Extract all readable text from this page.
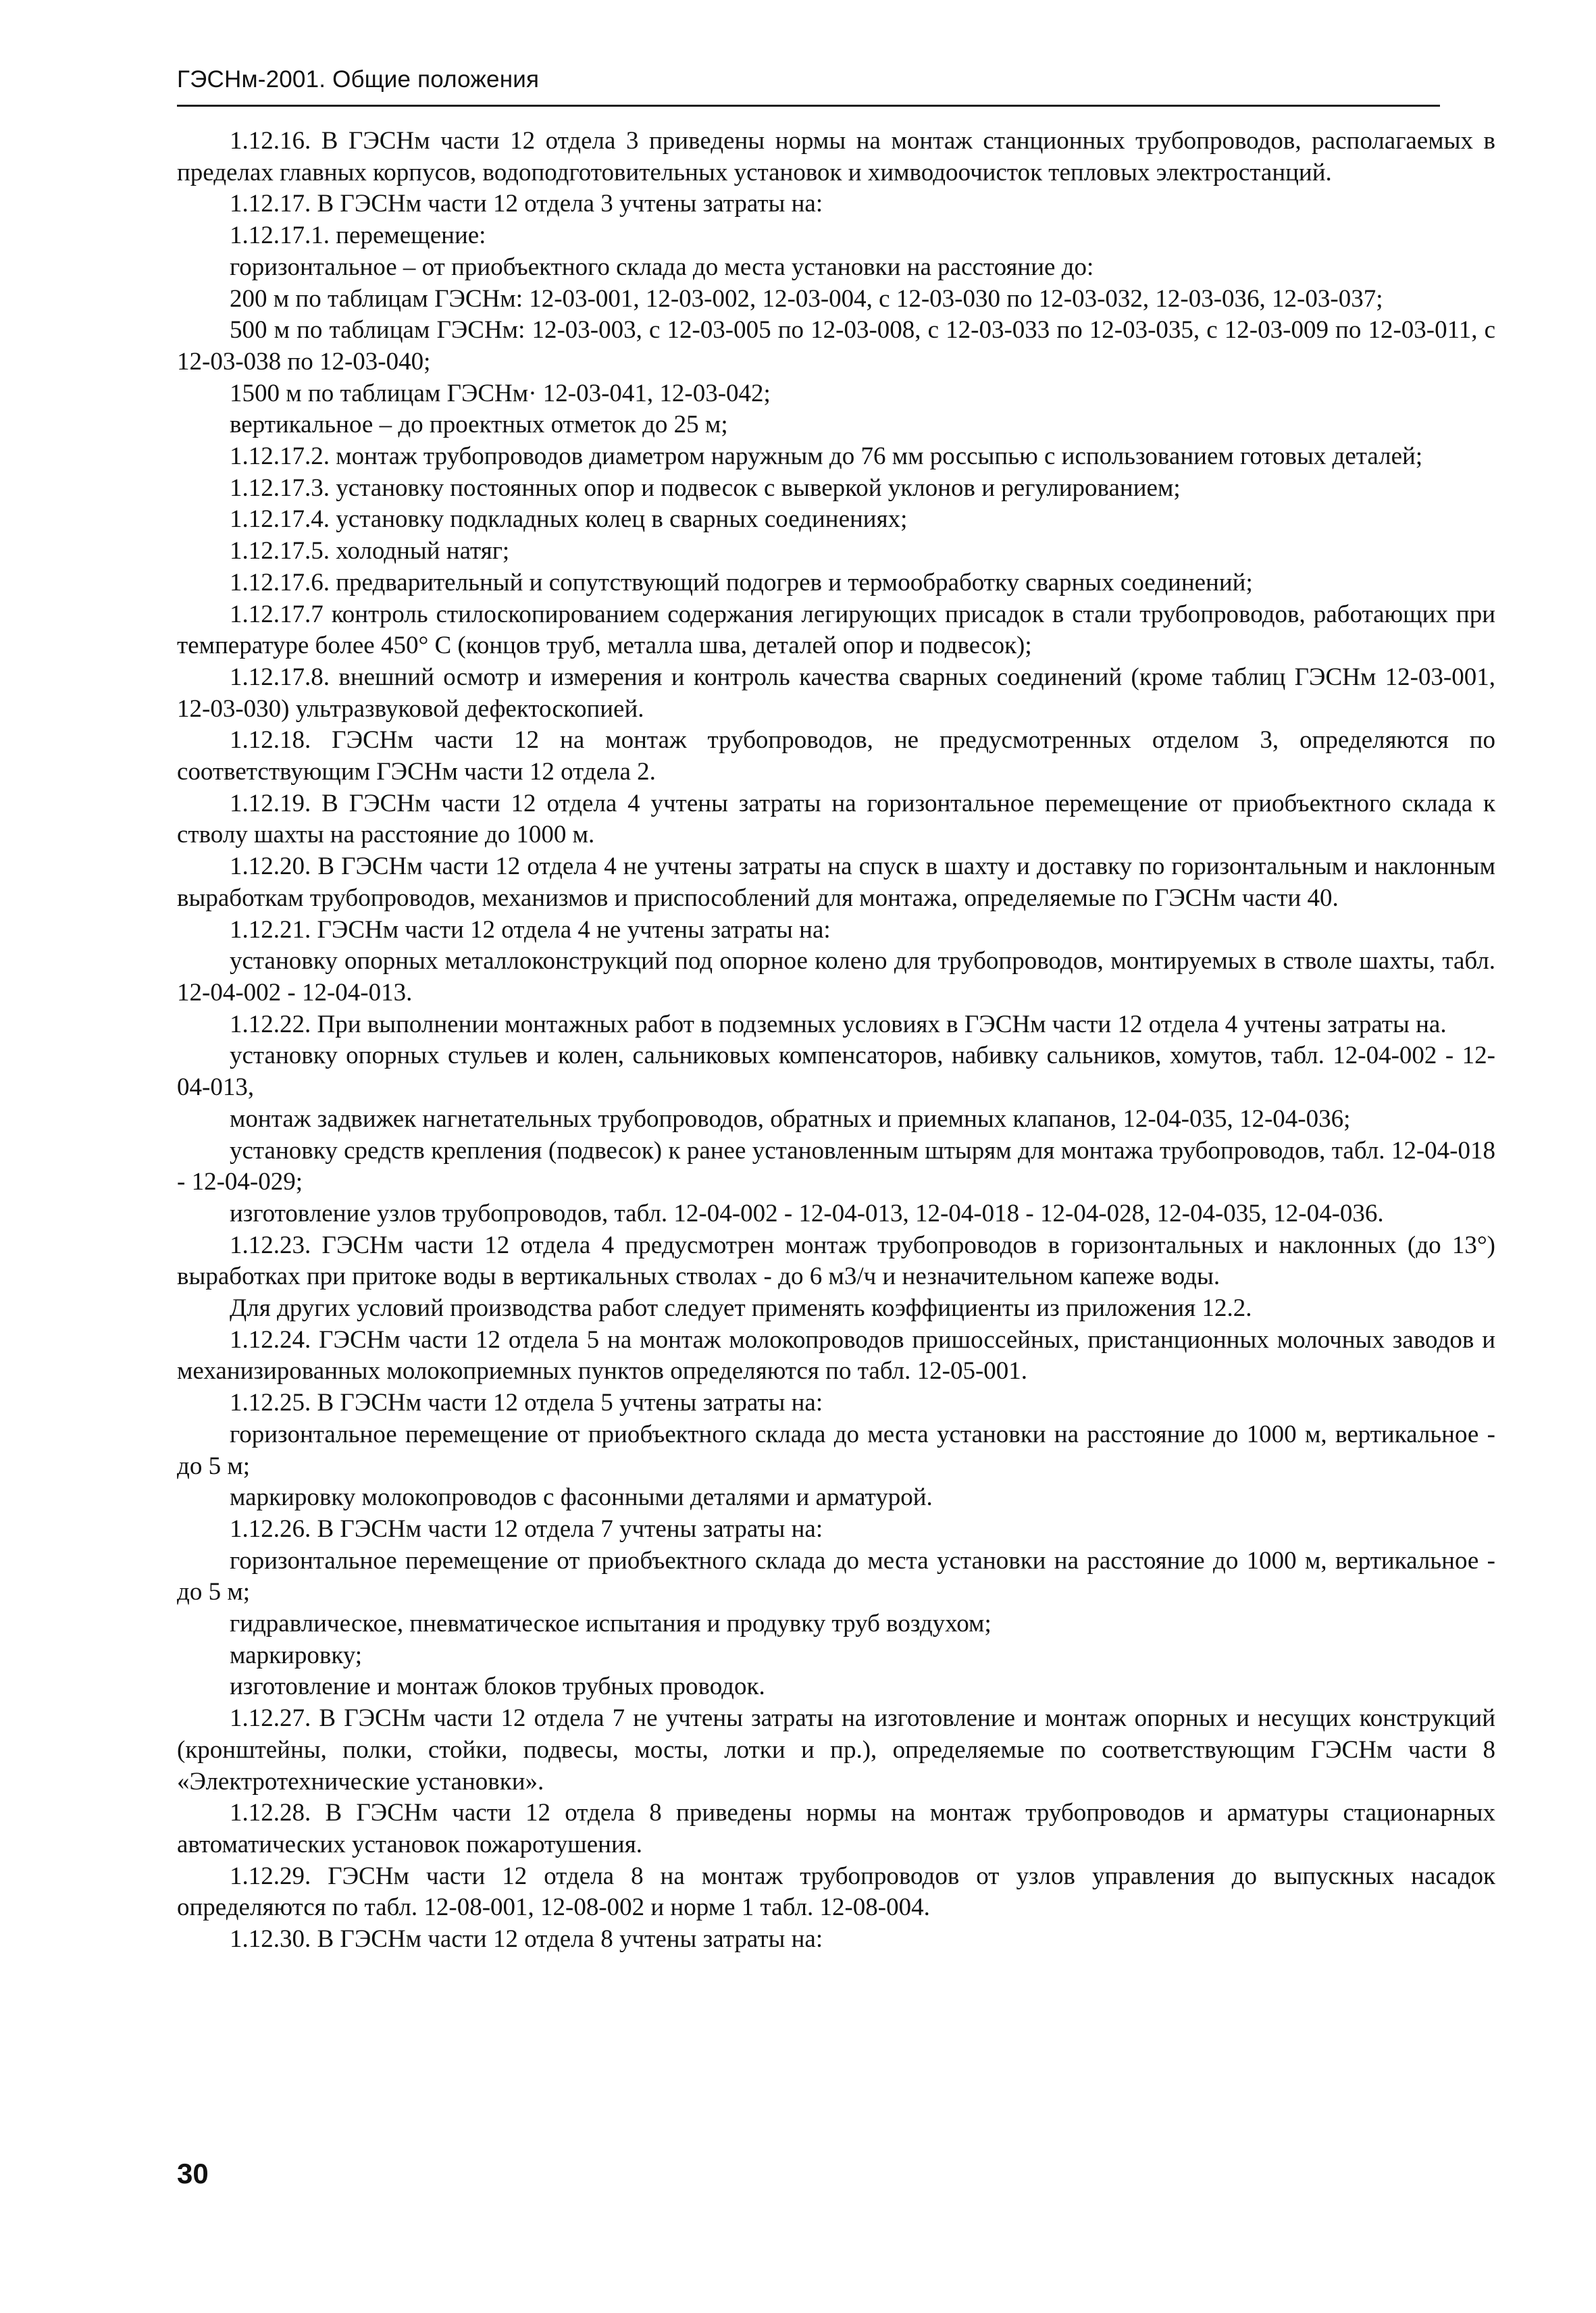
ГЭСНм-2001. Общие положения

1.12.16. В ГЭСНм части 12 отдела 3 приведены нормы на монтаж станционных трубопроводов, располагаемых в пределах главных корпусов, водоподготовительных установок и химводоочисток тепловых электростанций.

1.12.17. В ГЭСНм части 12 отдела 3 учтены затраты на:

1.12.17.1. перемещение:

горизонтальное – от приобъектного склада до места установки на расстояние до:

200 м по таблицам ГЭСНм: 12-03-001, 12-03-002, 12-03-004, с 12-03-030 по 12-03-032, 12-03-036, 12-03-037;

500 м по таблицам ГЭСНм: 12-03-003, с 12-03-005 по 12-03-008, с 12-03-033 по 12-03-035, с 12-03-009 по 12-03-011, с 12-03-038 по 12-03-040;

1500 м по таблицам ГЭСНм· 12-03-041, 12-03-042;

вертикальное – до проектных отметок до 25 м;

1.12.17.2. монтаж трубопроводов диаметром наружным до 76 мм россыпью с использованием готовых деталей;

1.12.17.3. установку постоянных опор и подвесок с выверкой уклонов и регулированием;

1.12.17.4. установку подкладных колец в сварных соединениях;

1.12.17.5. холодный натяг;

1.12.17.6. предварительный и сопутствующий подогрев и термообработку сварных соединений;

1.12.17.7 контроль стилоскопированием содержания легирующих присадок в стали трубопроводов, работающих при температуре более 450° С (концов труб, металла шва, деталей опор и подвесок);

1.12.17.8. внешний осмотр и измерения и контроль качества сварных соединений (кроме таблиц ГЭСНм 12-03-001, 12-03-030) ультразвуковой дефектоскопией.

1.12.18. ГЭСНм части 12 на монтаж трубопроводов, не предусмотренных отделом 3, определяются по соответствующим ГЭСНм части 12 отдела 2.

1.12.19. В ГЭСНм части 12 отдела 4 учтены затраты на горизонтальное перемещение от приобъектного склада к стволу шахты на расстояние до 1000 м.

1.12.20. В ГЭСНм части 12 отдела 4 не учтены затраты на спуск в шахту и доставку по горизонтальным и наклонным выработкам трубопроводов, механизмов и приспособлений для монтажа, определяемые по ГЭСНм части 40.

1.12.21. ГЭСНм части 12 отдела 4 не учтены затраты на:

установку опорных металлоконструкций под опорное колено для трубопроводов, монтируемых в стволе шахты, табл. 12-04-002 - 12-04-013.

1.12.22. При выполнении монтажных работ в подземных условиях в ГЭСНм части 12 отдела 4 учтены затраты на.

установку опорных стульев и колен, сальниковых компенсаторов, набивку сальников, хомутов, табл. 12-04-002 - 12-04-013,

монтаж задвижек нагнетательных трубопроводов, обратных и приемных клапанов, 12-04-035, 12-04-036;

установку средств крепления (подвесок) к ранее установленным штырям для монтажа трубопроводов, табл. 12-04-018 - 12-04-029;

изготовление узлов трубопроводов, табл. 12-04-002 - 12-04-013, 12-04-018 - 12-04-028, 12-04-035, 12-04-036.

1.12.23. ГЭСНм части 12 отдела 4 предусмотрен монтаж трубопроводов в горизонтальных и наклонных (до 13°) выработках при притоке воды в вертикальных стволах - до 6 м3/ч и незначительном капеже воды.

Для других условий производства работ следует применять коэффициенты из приложения 12.2.

1.12.24. ГЭСНм части 12 отдела 5 на монтаж молокопроводов пришоссейных, пристанционных молочных заводов и механизированных молокоприемных пунктов определяются по табл. 12-05-001.

1.12.25. В ГЭСНм части 12 отдела 5 учтены затраты на:

горизонтальное перемещение от приобъектного склада до места установки на расстояние до 1000 м, вертикальное - до 5 м;

маркировку молокопроводов с фасонными деталями и арматурой.

1.12.26. В ГЭСНм части 12 отдела 7 учтены затраты на:

горизонтальное перемещение от приобъектного склада до места установки на расстояние до 1000 м, вертикальное - до 5 м;

гидравлическое, пневматическое испытания и продувку труб воздухом;

маркировку;

изготовление и монтаж блоков трубных проводок.

1.12.27. В ГЭСНм части 12 отдела 7 не учтены затраты на изготовление и монтаж опорных и несущих конструкций (кронштейны, полки, стойки, подвесы, мосты, лотки и пр.), определяемые по соответствующим ГЭСНм части 8 «Электротехнические установки».

1.12.28. В ГЭСНм части 12 отдела 8 приведены нормы на монтаж трубопроводов и арматуры стационарных автоматических установок пожаротушения.

1.12.29. ГЭСНм части 12 отдела 8 на монтаж трубопроводов от узлов управления до выпускных насадок определяются по табл. 12-08-001, 12-08-002 и норме 1 табл. 12-08-004.

1.12.30. В ГЭСНм части 12 отдела 8 учтены затраты на:

30
